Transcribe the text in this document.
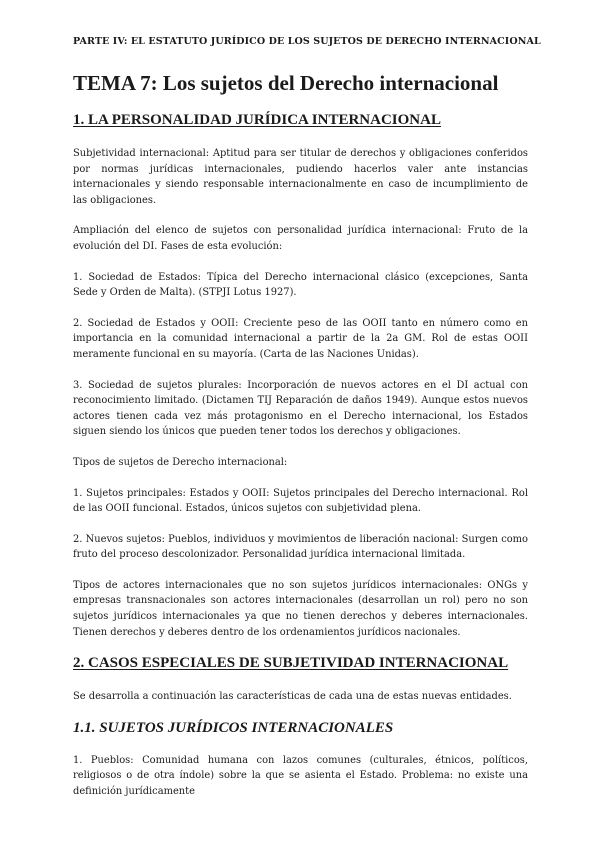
PARTE IV: EL ESTATUTO JURÍDICO DE LOS SUJETOS DE DERECHO INTERNACIONAL
TEMA 7: Los sujetos del Derecho internacional
1. LA PERSONALIDAD JURÍDICA INTERNACIONAL

Subjetividad internacional: Aptitud para ser titular de derechos y obligaciones conferidos por normas jurídicas internacionales, pudiendo hacerlos valer ante instancias internacionales y siendo responsable internacionalmente en caso de incumplimiento de las obligaciones.

Ampliación del elenco de sujetos con personalidad jurídica internacional: Fruto de la evolución del DI. Fases de esta evolución:

1. Sociedad de Estados: Típica del Derecho internacional clásico (excepciones, Santa Sede y Orden de Malta). (STPJI Lotus 1927).

2. Sociedad de Estados y OOII: Creciente peso de las OOII tanto en número como en importancia en la comunidad internacional a partir de la 2a GM. Rol de estas OOII meramente funcional en su mayoría. (Carta de las Naciones Unidas).

3. Sociedad de sujetos plurales: Incorporación de nuevos actores en el DI actual con reconocimiento limitado. (Dictamen TIJ Reparación de daños 1949). Aunque estos nuevos actores tienen cada vez más protagonismo en el Derecho internacional, los Estados siguen siendo los únicos que pueden tener todos los derechos y obligaciones.

Tipos de sujetos de Derecho internacional:

1. Sujetos principales: Estados y OOII: Sujetos principales del Derecho internacional. Rol de las OOII funcional. Estados, únicos sujetos con subjetividad plena.

2. Nuevos sujetos: Pueblos, individuos y movimientos de liberación nacional: Surgen como fruto del proceso descolonizador. Personalidad jurídica internacional limitada.

Tipos de actores internacionales que no son sujetos jurídicos internacionales: ONGs y empresas transnacionales son actores internacionales (desarrollan un rol) pero no son sujetos jurídicos internacionales ya que no tienen derechos y deberes internacionales. Tienen derechos y deberes dentro de los ordenamientos jurídicos nacionales.

2. CASOS ESPECIALES DE SUBJETIVIDAD INTERNACIONAL

Se desarrolla a continuación las características de cada una de estas nuevas entidades.

1.1. SUJETOS JURÍDICOS INTERNACIONALES

1. Pueblos: Comunidad humana con lazos comunes (culturales, étnicos, políticos, religiosos o de otra índole) sobre la que se asienta el Estado. Problema: no existe una definición jurídicamente
